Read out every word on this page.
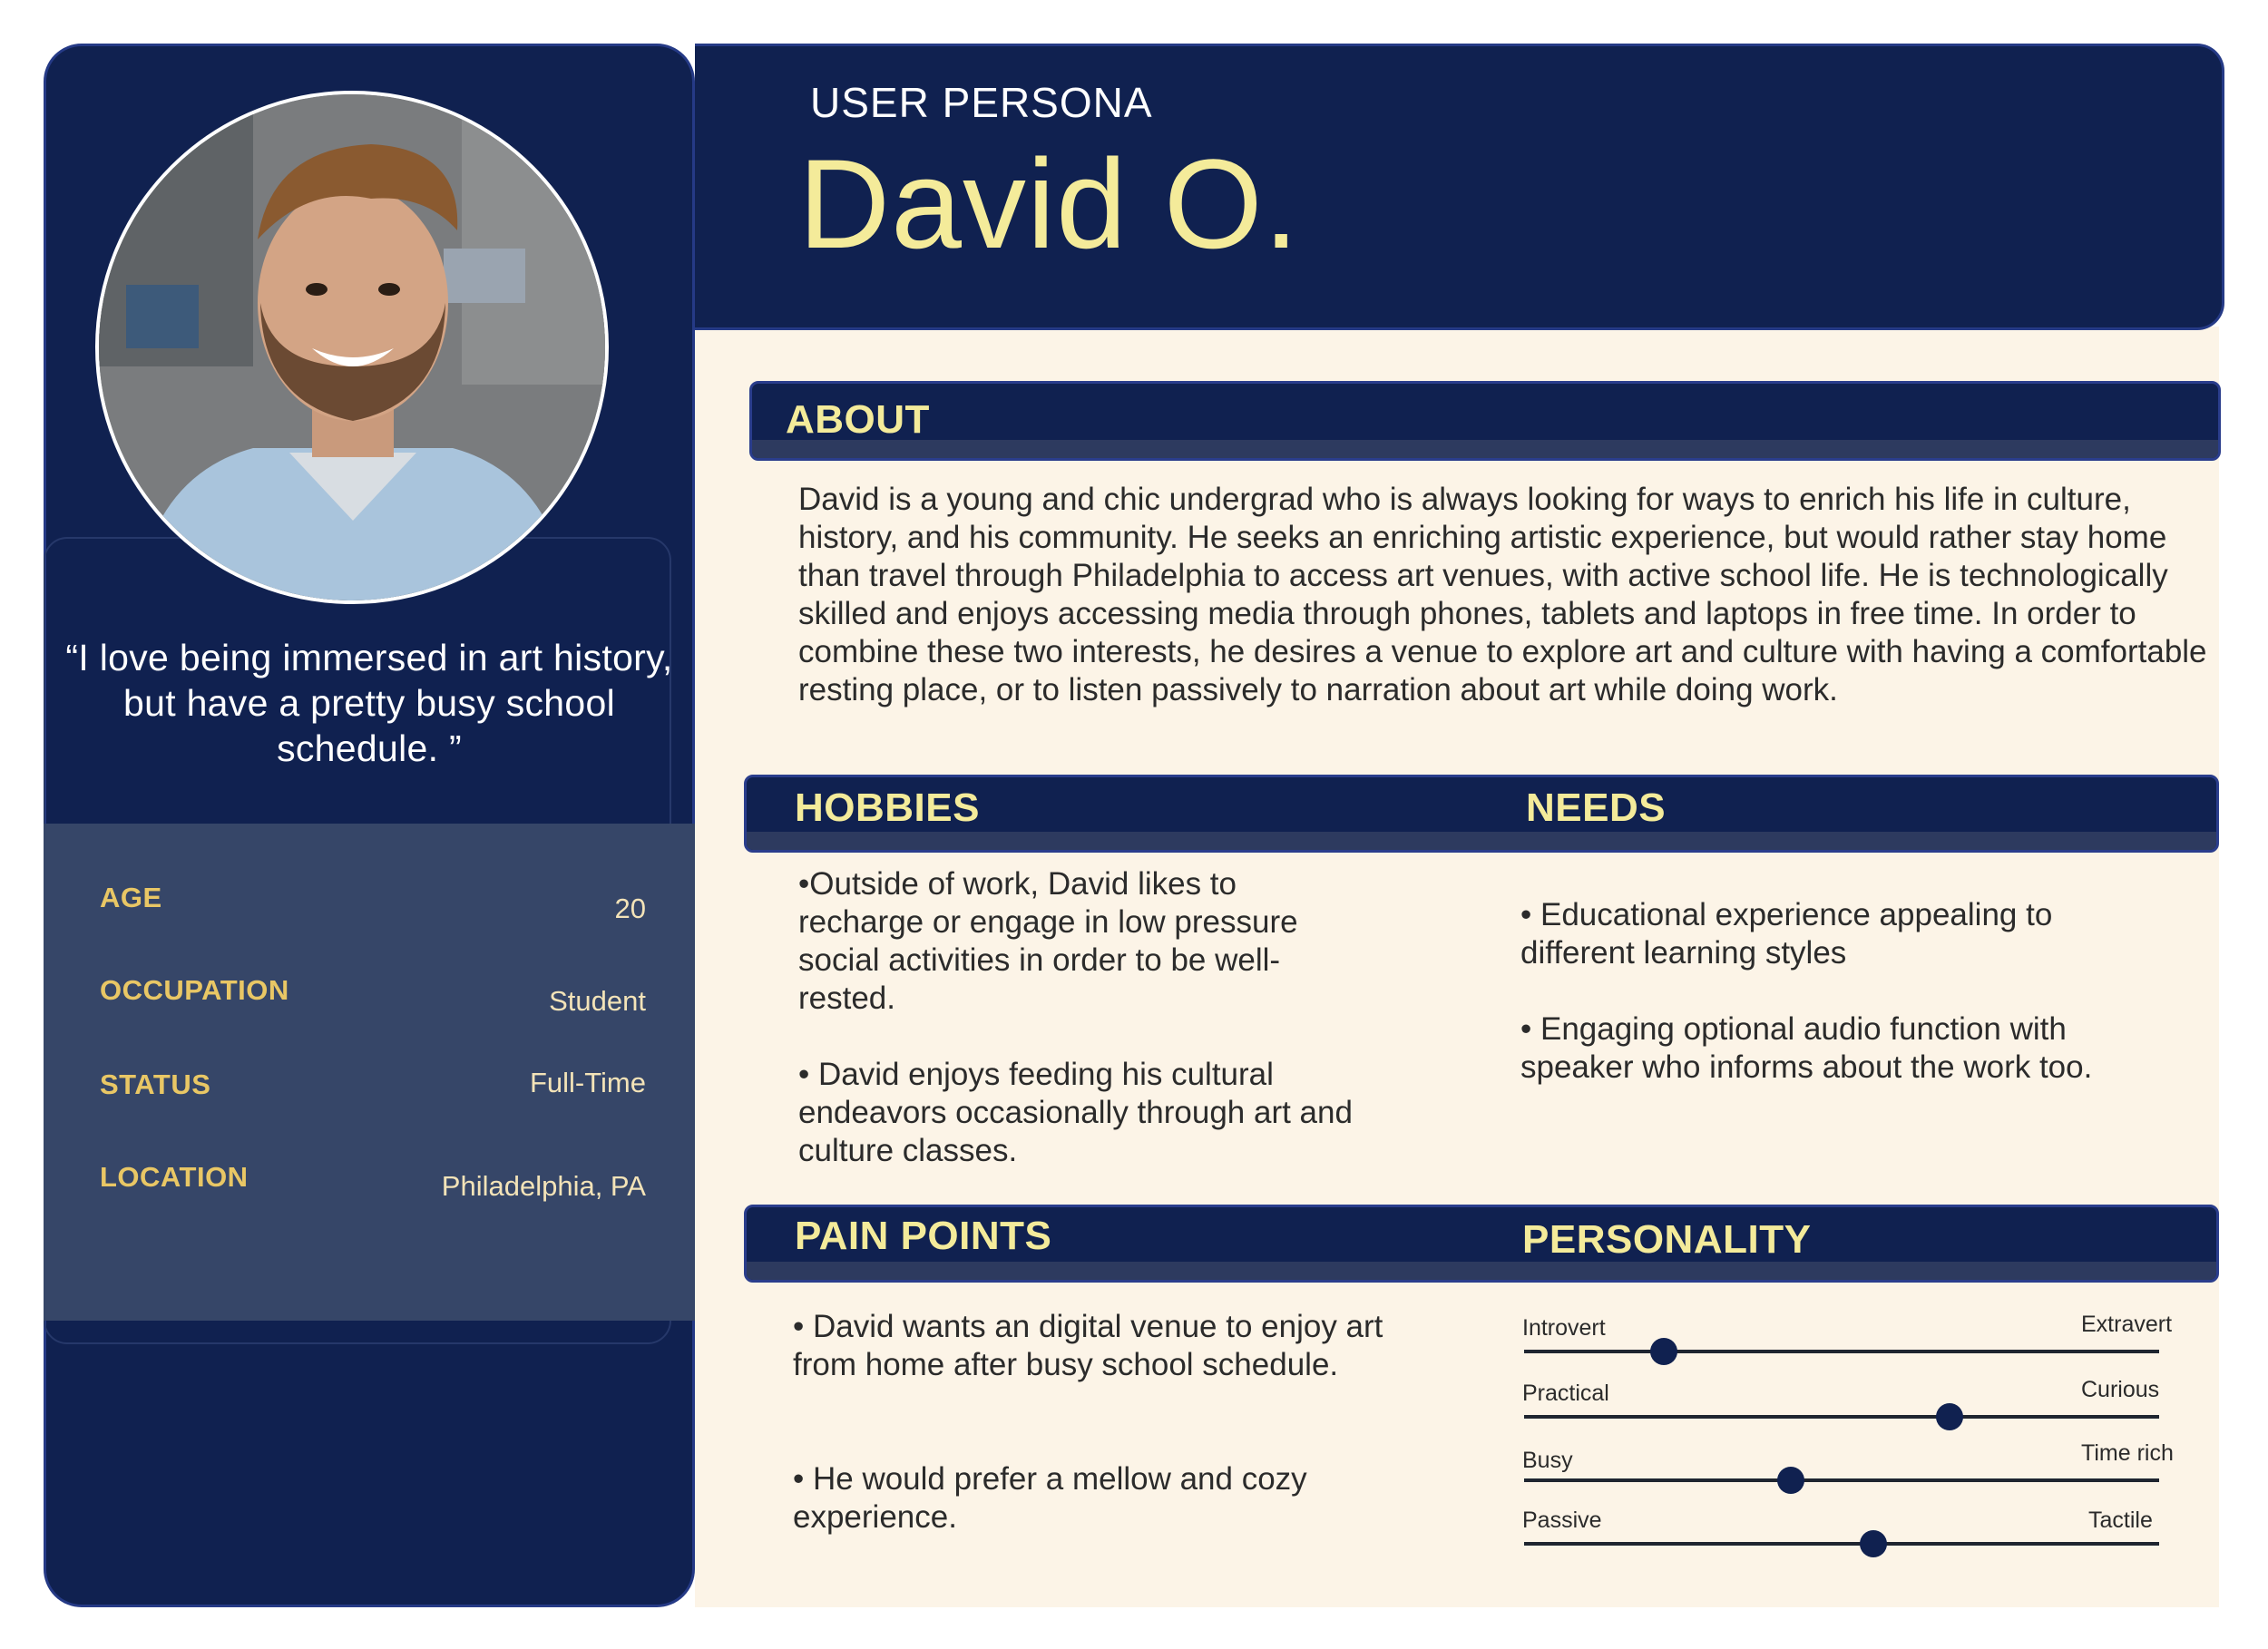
“I love being immersed in art history, but have a pretty busy school schedule. ”
AGE	20
OCCUPATION	Student
STATUS	Full-Time
LOCATION	Philadelphia, PA
USER PERSONA
David O.
ABOUT
David is a young and chic undergrad who is always looking for ways to enrich his life in culture, history, and his community. He seeks an enriching artistic experience, but would rather stay home than travel through Philadelphia to access art venues, with active school life. He is technologically skilled and enjoys accessing media through phones, tablets and laptops in free time. In order to combine these two interests, he desires a venue to explore art and culture with having a comfortable resting place, or to listen passively to narration about art while doing work.
HOBBIES	NEEDS
•Outside of work, David likes to recharge or engage in low pressure social activities in order to be well-rested.
• David enjoys feeding his cultural endeavors occasionally through art and culture classes.
• Educational experience appealing to different learning styles
• Engaging optional audio function with speaker who informs about the work too.
PAIN POINTS	PERSONALITY
• David wants an digital venue to enjoy art from home after busy school schedule.
• He would prefer a mellow and cozy experience.
Introvert	Extravert
Practical	Curious
Busy	Time rich
Passive	Tactile
